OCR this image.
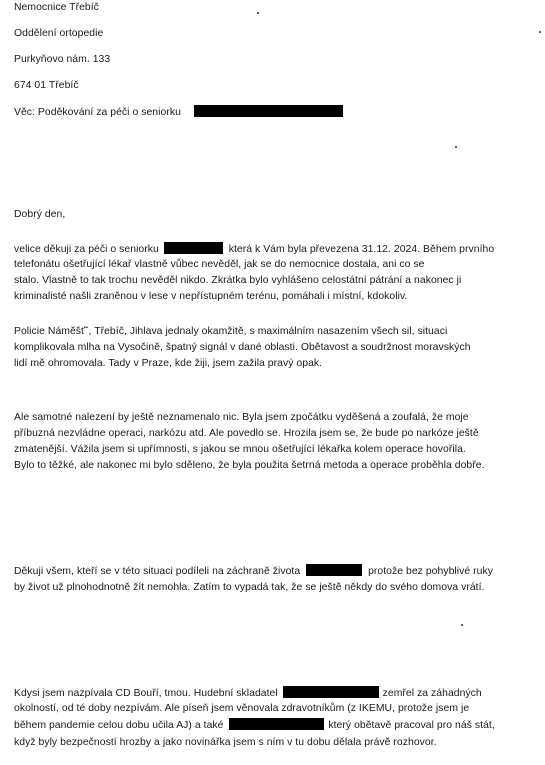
Nemocnice Třebíč
Oddělení ortopedie
Purkyňovo nám. 133
674 01 Třebíč
Věc: Poděkování za péči o seniorku
Dobrý den,
velice děkuji za péči o seniorku	která k Vám byla převezena 31.12. 2024. Během prvního
telefonátu ošetřující lékař vlastně vůbec nevěděl, jak se do nemocnice dostala, ani co se
stalo. Vlastně to tak trochu nevěděl nikdo. Zkrátka bylo vyhlášeno celostátní pátrání a nakonec ji
kriminalisté našli zraněnou v lese v nepřístupném terénu, pomáhali i místní, kdokoliv.
Policie Náměšť˘, Třebíč, Jihlava jednaly okamžitě, s maximálním nasazením všech sil, situaci
komplikovala mlha na Vysočině, špatný signál v dané oblasti. Obětavost a soudržnost moravských
lidí mě ohromovala. Tady v Praze, kde žiji, jsem zažila pravý opak.
Ale samotné nalezení by ještě neznamenalo nic. Byla jsem zpočátku vyděšená a zoufalá, že moje
příbuzná nezvládne operaci, narkózu atd. Ale povedlo se. Hrozila jsem se, že bude po narkóze ještě
zmatenější. Vážila jsem si upřímnosti, s jakou se mnou ošetřující lékařka kolem operace hovořila.
Bylo to těžké, ale nakonec mi bylo sděleno, že byla použita šetrná metoda a operace proběhla dobře.
Děkuji všem, kteří se v této situaci podíleli na záchraně života	protože bez pohyblivé ruky
by život už plnohodnotně žít nemohla. Zatím to vypadá tak, že se ještě někdy do svého domova vrátí.
Kdysi jsem nazpívala CD Bouří, tmou. Hudební skladatel	zemřel za záhadných
okolností, od té doby nezpívám. Ale píseň jsem věnovala zdravotníkům (z IKEMU, protože jsem je
během pandemie celou dobu učila AJ) a také	který obětavě pracoval pro náš stát,
když byly bezpečností hrozby a jako novinářka jsem s ním v tu dobu dělala právě rozhovor.
